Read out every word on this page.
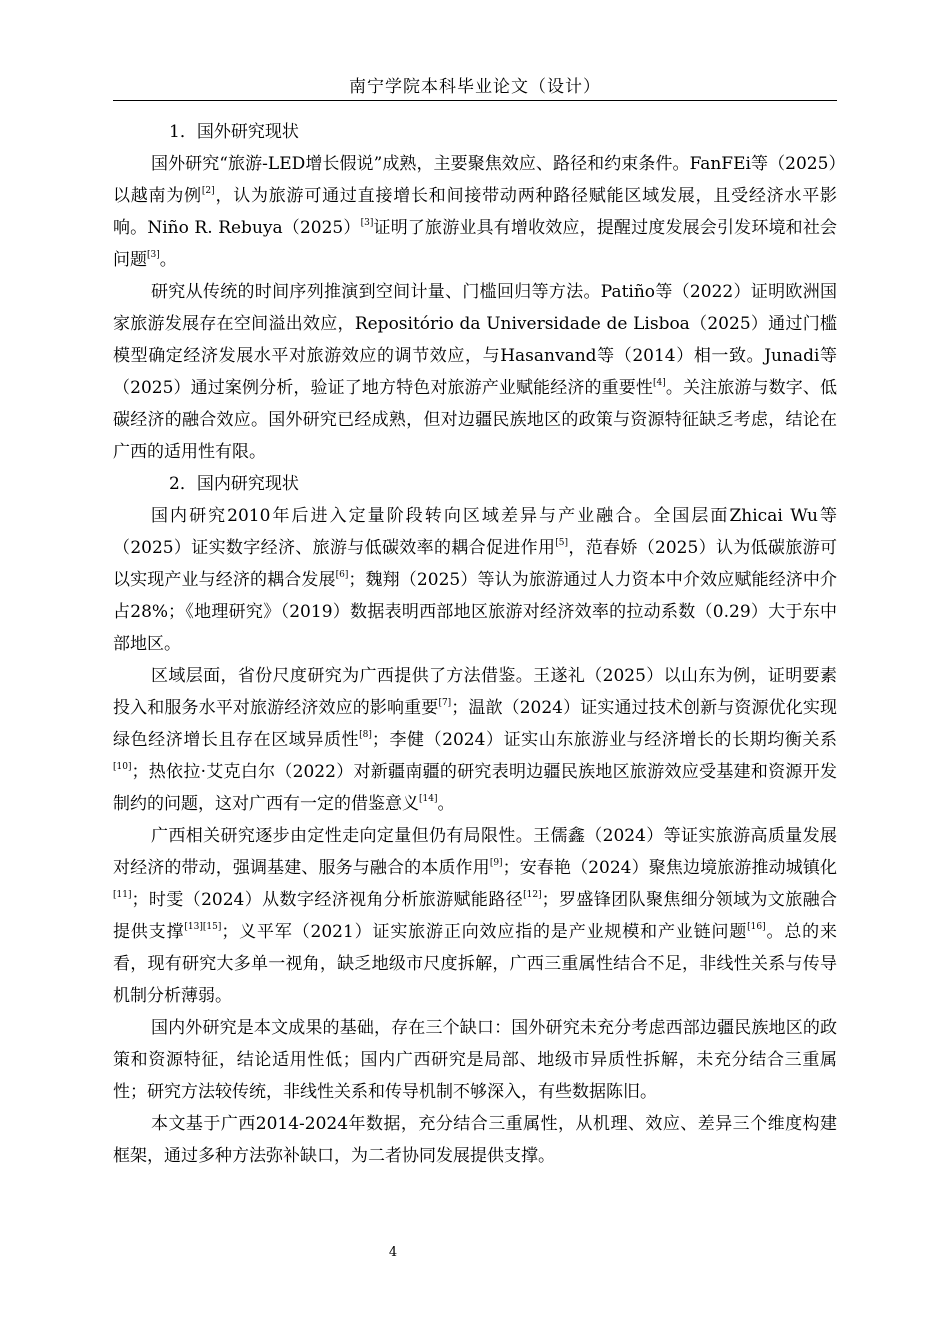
南宁学院本科毕业论文（设计）

1．国外研究现状

国外研究“旅游-LED增长假说”成熟，主要聚焦效应、路径和约束条件。FanFEi等（2025）以越南为例[2]，认为旅游可通过直接增长和间接带动两种路径赋能区域发展，且受经济水平影响。Niño R. Rebuya（2025）[3]证明了旅游业具有增收效应，提醒过度发展会引发环境和社会问题[3]。

研究从传统的时间序列推演到空间计量、门槛回归等方法。Patiño等（2022）证明欧洲国家旅游发展存在空间溢出效应，Repositório da Universidade de Lisboa（2025）通过门槛模型确定经济发展水平对旅游效应的调节效应，与Hasanvand等（2014）相一致。Junadi等（2025）通过案例分析，验证了地方特色对旅游产业赋能经济的重要性[4]。关注旅游与数字、低碳经济的融合效应。国外研究已经成熟，但对边疆民族地区的政策与资源特征缺乏考虑，结论在广西的适用性有限。

2．国内研究现状

国内研究2010年后进入定量阶段转向区域差异与产业融合。全国层面Zhicai Wu等（2025）证实数字经济、旅游与低碳效率的耦合促进作用[5]，范春娇（2025）认为低碳旅游可以实现产业与经济的耦合发展[6]；魏翔（2025）等认为旅游通过人力资本中介效应赋能经济中介占28%；《地理研究》（2019）数据表明西部地区旅游对经济效率的拉动系数（0.29）大于东中部地区。

区域层面，省份尺度研究为广西提供了方法借鉴。王遂礼（2025）以山东为例，证明要素投入和服务水平对旅游经济效应的影响重要[7]；温歆（2024）证实通过技术创新与资源优化实现绿色经济增长且存在区域异质性[8]；李健（2024）证实山东旅游业与经济增长的长期均衡关系[10]；热依拉·艾克白尔（2022）对新疆南疆的研究表明边疆民族地区旅游效应受基建和资源开发制约的问题，这对广西有一定的借鉴意义[14]。

广西相关研究逐步由定性走向定量但仍有局限性。王儒鑫（2024）等证实旅游高质量发展对经济的带动，强调基建、服务与融合的本质作用[9]；安春艳（2024）聚焦边境旅游推动城镇化[11]；时雯（2024）从数字经济视角分析旅游赋能路径[12]；罗盛锋团队聚焦细分领域为文旅融合提供支撑[13][15]；义平军（2021）证实旅游正向效应指的是产业规模和产业链问题[16]。总的来看，现有研究大多单一视角，缺乏地级市尺度拆解，广西三重属性结合不足，非线性关系与传导机制分析薄弱。

国内外研究是本文成果的基础，存在三个缺口：国外研究未充分考虑西部边疆民族地区的政策和资源特征，结论适用性低；国内广西研究是局部、地级市异质性拆解，未充分结合三重属性；研究方法较传统，非线性关系和传导机制不够深入，有些数据陈旧。

本文基于广西2014-2024年数据，充分结合三重属性，从机理、效应、差异三个维度构建框架，通过多种方法弥补缺口，为二者协同发展提供支撑。

4
